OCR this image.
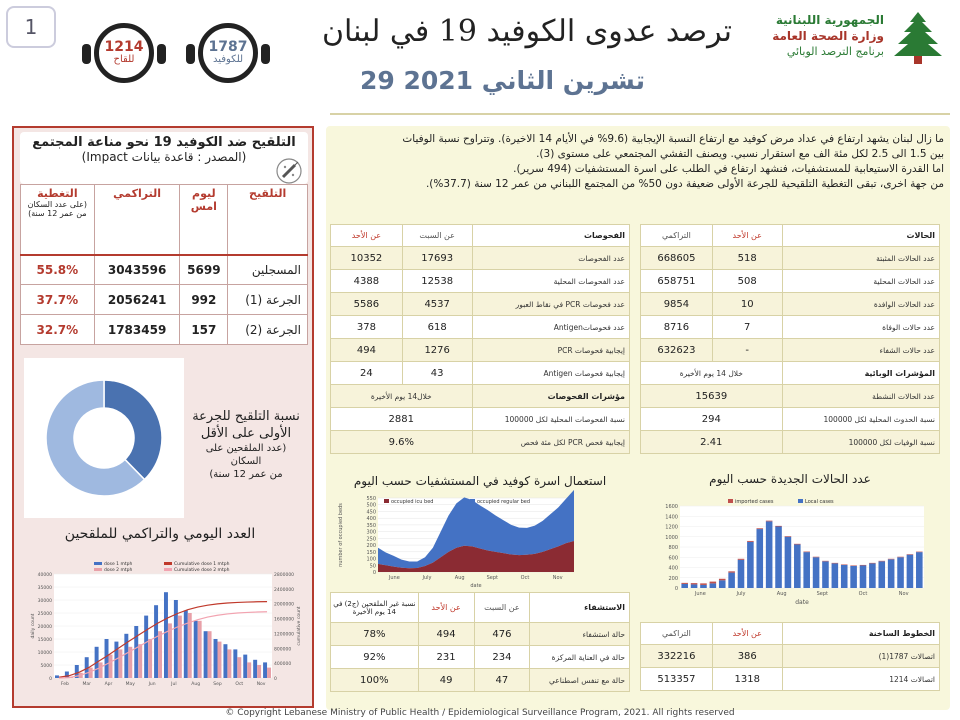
1
1214
للقاح
1787
للكوفيد
ترصد عدوى الكوفيد 19 في لبنان
29 تشرين الثاني 2021
الجمهورية اللبنانية
وزارة الصحة العامة
برنامج الترصد الوبائي
التلقيح ضد الكوفيد 19 نحو مناعة المجتمع
(المصدر : قاعدة بيانات Impact)
التلقيح	ليوم امس	التراكمي	التغطية
(على عدد السكان من عمر 12 سنة)

المسجلين	5699	3043596	55.8%
الجرعة (1)	992	2056241	37.7%
الجرعة (2)	157	1783459	32.7%
12y+: at least 1 dose 37.7%
نسبة التلقيح للجرعة
الأولى على الأقل
(عدد الملقحين على السكان
من عمر 12 سنة)
العدد اليومي والتراكمي للملقحين
0
5000
10000
15000
20000
25000
30000
35000
40000
0
400000
800000
1200000
1600000
2000000
2400000
2800000
Feb	Mar	Apr	May	Jun	Jul	Aug	Sep	Oct	Nov
daily count	cumulative count
dose 1 mtph
dose 2 mtph
Cumulative dose 1 mtph
Cumulative dose 2 mtph
ما زال لبنان يشهد ارتفاع في عداد مرض كوفيد مع ارتفاع النسبة الإيجابية (9.6% في الأيام 14 الاخيرة). وتتراوح نسبة الوفيات
بين 1.5 الى 2.5 لكل مئة الف مع استقرار نسبي. ويصنف التفشي المجتمعي على مستوى (3).
اما القدرة الاستيعابية للمستشفيات، فنشهد ارتفاع في الطلب على اسرة المستشفيات (494 سرير).
من جهة اخرى، تبقى التغطية التلقيحية للجرعة الأولى ضعيفة دون 50% من المجتمع اللبناني من عمر 12 سنة (37.7%).
الحالات	عن الأحد	التراكمي
عدد الحالات المثبتة	518	668605
عدد الحالات المحلية	508	658751
عدد الحالات الوافدة	10	9854
عدد حالات الوفاة	7	8716
عدد حالات الشفاء	-	632623
المؤشرات الوبائية	خلال 14 يوم الأخيرة	
عدد الحالات النشطة	15639	
نسبة الحدوث المحلية لكل 100000	294	
نسبة الوفيات لكل 100000	2.41	
الفحوصات	عن السبت	عن الأحد
عدد الفحوصات	17693	10352
عدد الفحوصات المحلية	12538	4388
عدد فحوصات PCR في نقاط العبور	4537	5586
عدد فحوصاتAntigen	618	378
إيجابية فحوصات PCR	1276	494
إيجابية فحوصات Antigen	43	24
مؤشرات الفحوصات	خلال14 يوم الأخيرة	
نسبة الفحوصات المحلية لكل 100000	2881	
إيجابية فحص PCR لكل مئة فحص	9.6%	
استعمال اسرة كوفيد في المستشفيات حسب اليوم	عدد الحالات الجديدة حسب اليوم
0
50
100
150
200
250
300
350
400
450
500
550
June	July	Aug	Sept	Oct	Nov
date
number of occupied beds
occupied icu bed	occupied regular bed
0
200
400
600
800
1000
1200
1400
1600
June	July	Aug	Sept	Oct	Nov
date
imported cases	Local cases
الاستشفاء	عن السبت	عن الأحد	نسبة غير الملقحين (ج2) في 14 يوم الأخيرة
حالة استشفاء	476	494	78%
حالة في العناية المركزة	234	231	92%
حالة مع تنفس اصطناعي	47	49	100%
الخطوط الساخنة	عن الأحد	التراكمي
اتصالات 1787(1)	386	332216
اتصالات 1214	1318	513357
© Copyright Lebanese Ministry of Public Health / Epidemiological Surveillance Program, 2021. All rights reserved
